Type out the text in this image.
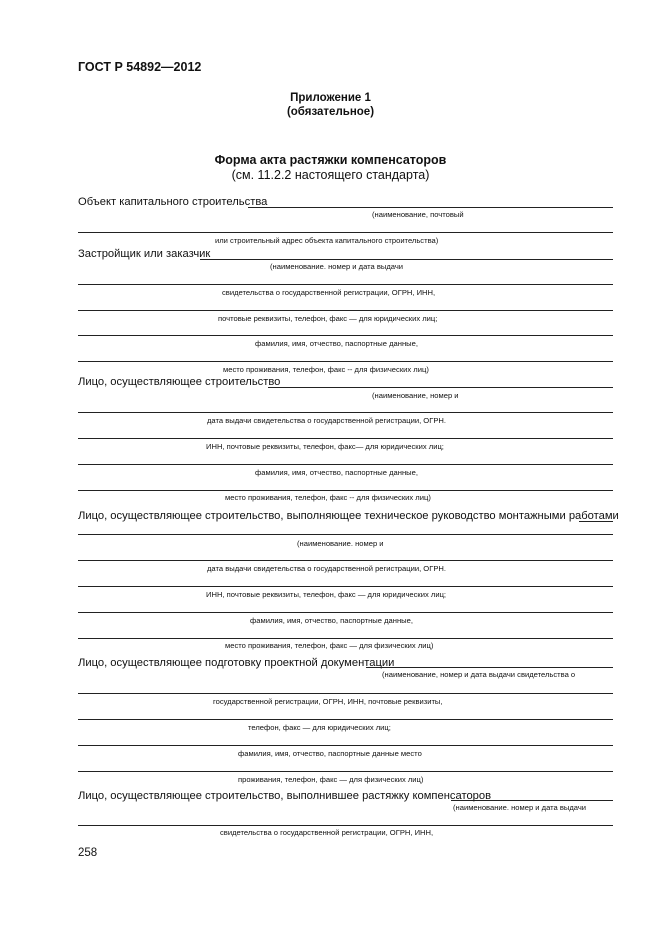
ГОСТ Р 54892—2012
Приложение 1
(обязательное)
Форма акта растяжки компенсаторов
(см. 11.2.2 настоящего стандарта)
Объект капитального строительства
(наименование, почтовый
или строительный адрес объекта капитального строительства)
Застройщик или заказчик
(наименование. номер и дата выдачи
свидетельства о государственной регистрации, ОГРН, ИНН,
почтовые реквизиты, телефон, факс — для юридических лиц;
фамилия, имя, отчество, паспортные данные,
место проживания, телефон, факс -- для физических лиц)
Лицо, осуществляющее строительство
(наименование, номер и
дата выдачи свидетельства о государственной регистрации, ОГРН.
ИНН, почтовые реквизиты, телефон, факс— для юридических лиц;
фамилия, имя, отчество, паспортные данные,
место проживания, телефон, факс -- для физических лиц)
Лицо, осуществляющее строительство, выполняющее техническое руководство монтажными работами
(наименование. номер и
дата выдачи свидетельства о государственной регистрации, ОГРН.
ИНН, почтовые реквизиты, телефон, факс — для юридических лиц;
фамилия, имя, отчество, паспортные данные,
место проживания, телефон, факс — для физических лиц)
Лицо, осуществляющее подготовку проектной документации
(наименование, номер и дата выдачи свидетельства о
государственной регистрации, ОГРН, ИНН, почтовые реквизиты,
телефон, факс — для юридических лиц;
фамилия, имя, отчество, паспортные данные место
проживания, телефон, факс — для физических лиц)
Лицо, осуществляющее строительство, выполнившее растяжку компенсаторов
(наименование. номер и дата выдачи
свидетельства о государственной регистрации, ОГРН, ИНН,
258
